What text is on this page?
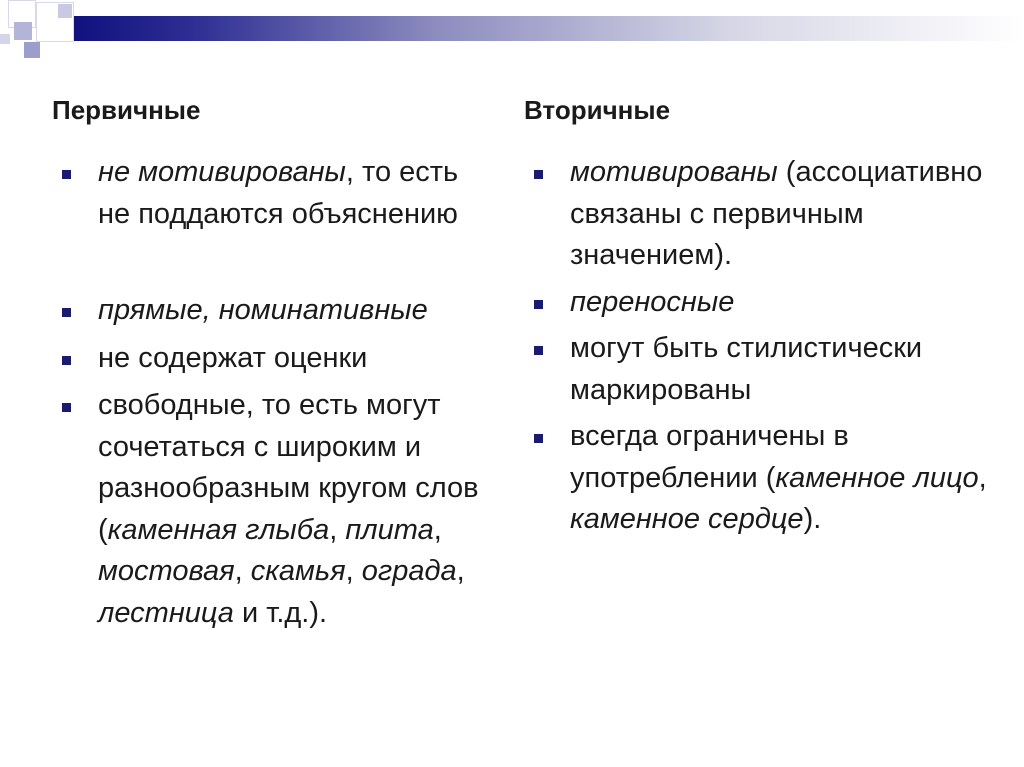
Первичные
не мотивированы, то есть не поддаются объяснению
прямые, номинативные
не содержат оценки
свободные, то есть могут сочетаться с широким и разнообразным кругом слов (каменная глыба, плита, мостовая, скамья, ограда, лестница и т.д.).
Вторичные
мотивированы (ассоциативно связаны с первичным значением).
переносные
могут быть стилистически маркированы
всегда ограничены в употреблении (каменное лицо, каменное сердце).
